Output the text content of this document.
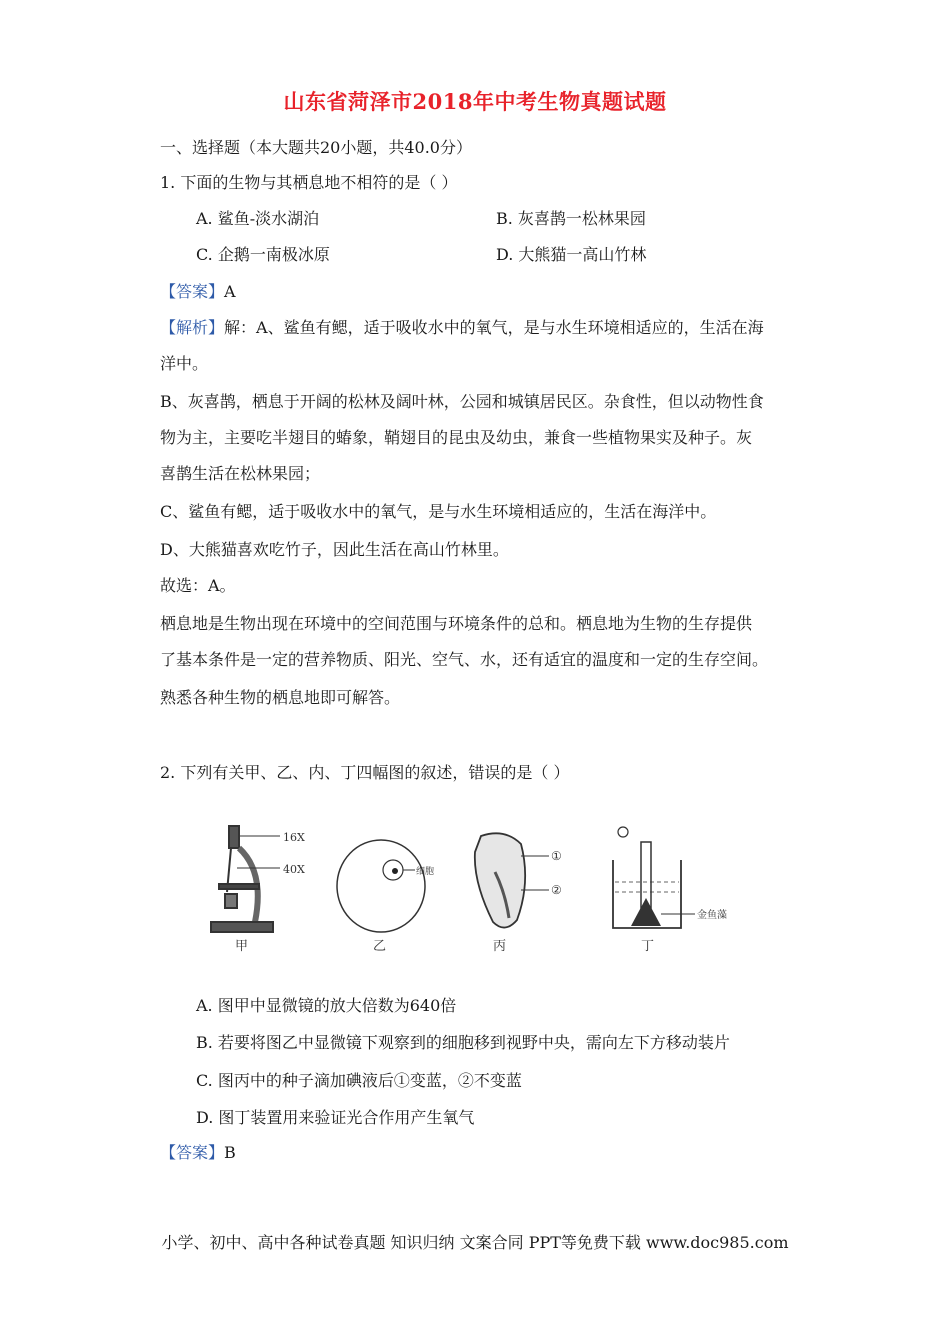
山东省菏泽市2018年中考生物真题试题
一、选择题（本大题共20小题，共40.0分）
1. 下面的生物与其栖息地不相符的是（ ）
A. 鲨鱼-淡水湖泊	B. 灰喜鹊一松林果园
C. 企鹅一南极冰原	D. 大熊猫一高山竹林
【答案】A
【解析】解：A、鲨鱼有鳃，适于吸收水中的氧气，是与水生环境相适应的，生活在海
洋中。
B、灰喜鹊，栖息于开阔的松林及阔叶林，公园和城镇居民区。杂食性，但以动物性食
物为主，主要吃半翅目的蝽象，鞘翅目的昆虫及幼虫，兼食一些植物果实及种子。灰
喜鹊生活在松林果园；
C、鲨鱼有鳃，适于吸收水中的氧气，是与水生环境相适应的，生活在海洋中。
D、大熊猫喜欢吃竹子，因此生活在高山竹林里。
故选：A。
栖息地是生物出现在环境中的空间范围与环境条件的总和。栖息地为生物的生存提供
了基本条件是一定的营养物质、阳光、空气、水，还有适宜的温度和一定的生存空间。
熟悉各种生物的栖息地即可解答。
2. 下列有关甲、乙、内、丁四幅图的叙述，错误的是（ ）
16X
40X
甲
细胞
乙
①
②
丙
金鱼藻
丁
A. 图甲中显微镜的放大倍数为640倍
B. 若要将图乙中显微镜下观察到的细胞移到视野中央，需向左下方移动装片
C. 图丙中的种子滴加碘液后①变蓝，②不变蓝
D. 图丁装置用来验证光合作用产生氧气
【答案】B
小学、初中、高中各种试卷真题 知识归纳 文案合同 PPT等免费下载 www.doc985.com
